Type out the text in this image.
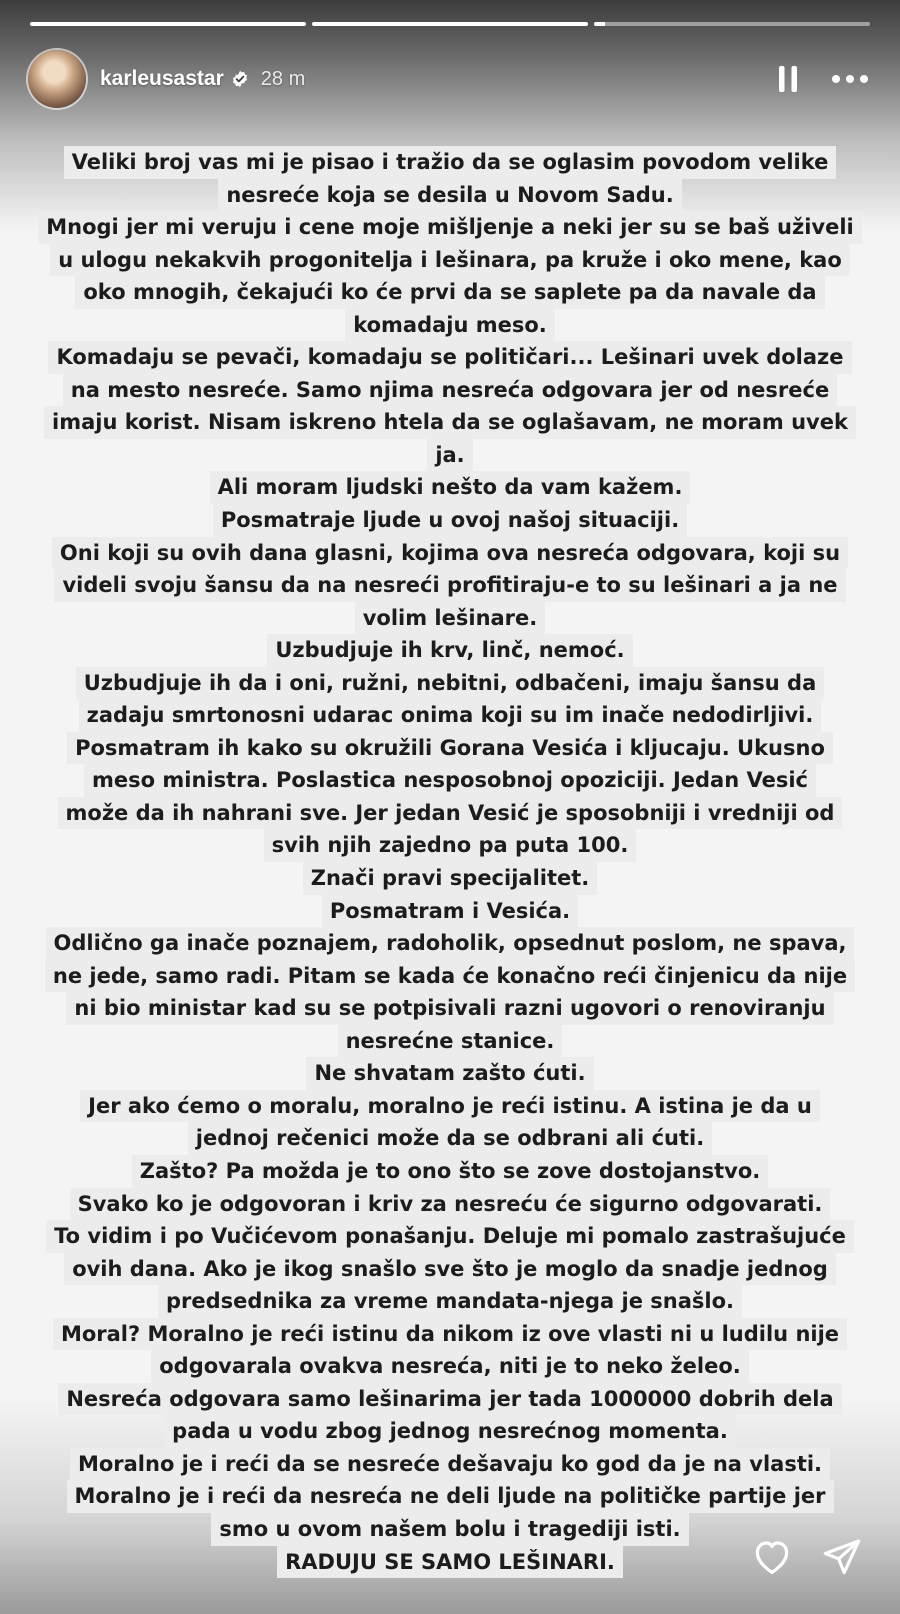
karleusastar 28 m
Veliki broj vas mi je pisao i tražio da se oglasim povodom velike
nesreće koja se desila u Novom Sadu.
Mnogi jer mi veruju i cene moje mišljenje a neki jer su se baš uživeli
u ulogu nekakvih progonitelja i lešinara, pa kruže i oko mene, kao
oko mnogih, čekajući ko će prvi da se saplete pa da navale da
komadaju meso.
Komadaju se pevači, komadaju se političari... Lešinari uvek dolaze
na mesto nesreće. Samo njima nesreća odgovara jer od nesreće
imaju korist. Nisam iskreno htela da se oglašavam, ne moram uvek
ja.
Ali moram ljudski nešto da vam kažem.
Posmatraje ljude u ovoj našoj situaciji.
Oni koji su ovih dana glasni, kojima ova nesreća odgovara, koji su
videli svoju šansu da na nesreći profitiraju-e to su lešinari a ja ne
volim lešinare.
Uzbudjuje ih krv, linč, nemoć.
Uzbudjuje ih da i oni, ružni, nebitni, odbačeni, imaju šansu da
zadaju smrtonosni udarac onima koji su im inače nedodirljivi.
Posmatram ih kako su okružili Gorana Vesića i kljucaju. Ukusno
meso ministra. Poslastica nesposobnoj opoziciji. Jedan Vesić
može da ih nahrani sve. Jer jedan Vesić je sposobniji i vredniji od
svih njih zajedno pa puta 100.
Znači pravi specijalitet.
Posmatram i Vesića.
Odlično ga inače poznajem, radoholik, opsednut poslom, ne spava,
ne jede, samo radi. Pitam se kada će konačno reći činjenicu da nije
ni bio ministar kad su se potpisivali razni ugovori o renoviranju
nesrećne stanice.
Ne shvatam zašto ćuti.
Jer ako ćemo o moralu, moralno je reći istinu. A istina je da u
jednoj rečenici može da se odbrani ali ćuti.
Zašto? Pa možda je to ono što se zove dostojanstvo.
Svako ko je odgovoran i kriv za nesreću će sigurno odgovarati.
To vidim i po Vučićevom ponašanju. Deluje mi pomalo zastrašujuće
ovih dana. Ako je ikog snašlo sve što je moglo da snadje jednog
predsednika za vreme mandata-njega je snašlo.
Moral? Moralno je reći istinu da nikom iz ove vlasti ni u ludilu nije
odgovarala ovakva nesreća, niti je to neko želeo.
Nesreća odgovara samo lešinarima jer tada 1000000 dobrih dela
pada u vodu zbog jednog nesrećnog momenta.
Moralno je i reći da se nesreće dešavaju ko god da je na vlasti.
Moralno je i reći da nesreća ne deli ljude na političke partije jer
smo u ovom našem bolu i tragediji isti.
RADUJU SE SAMO LEŠINARI.
